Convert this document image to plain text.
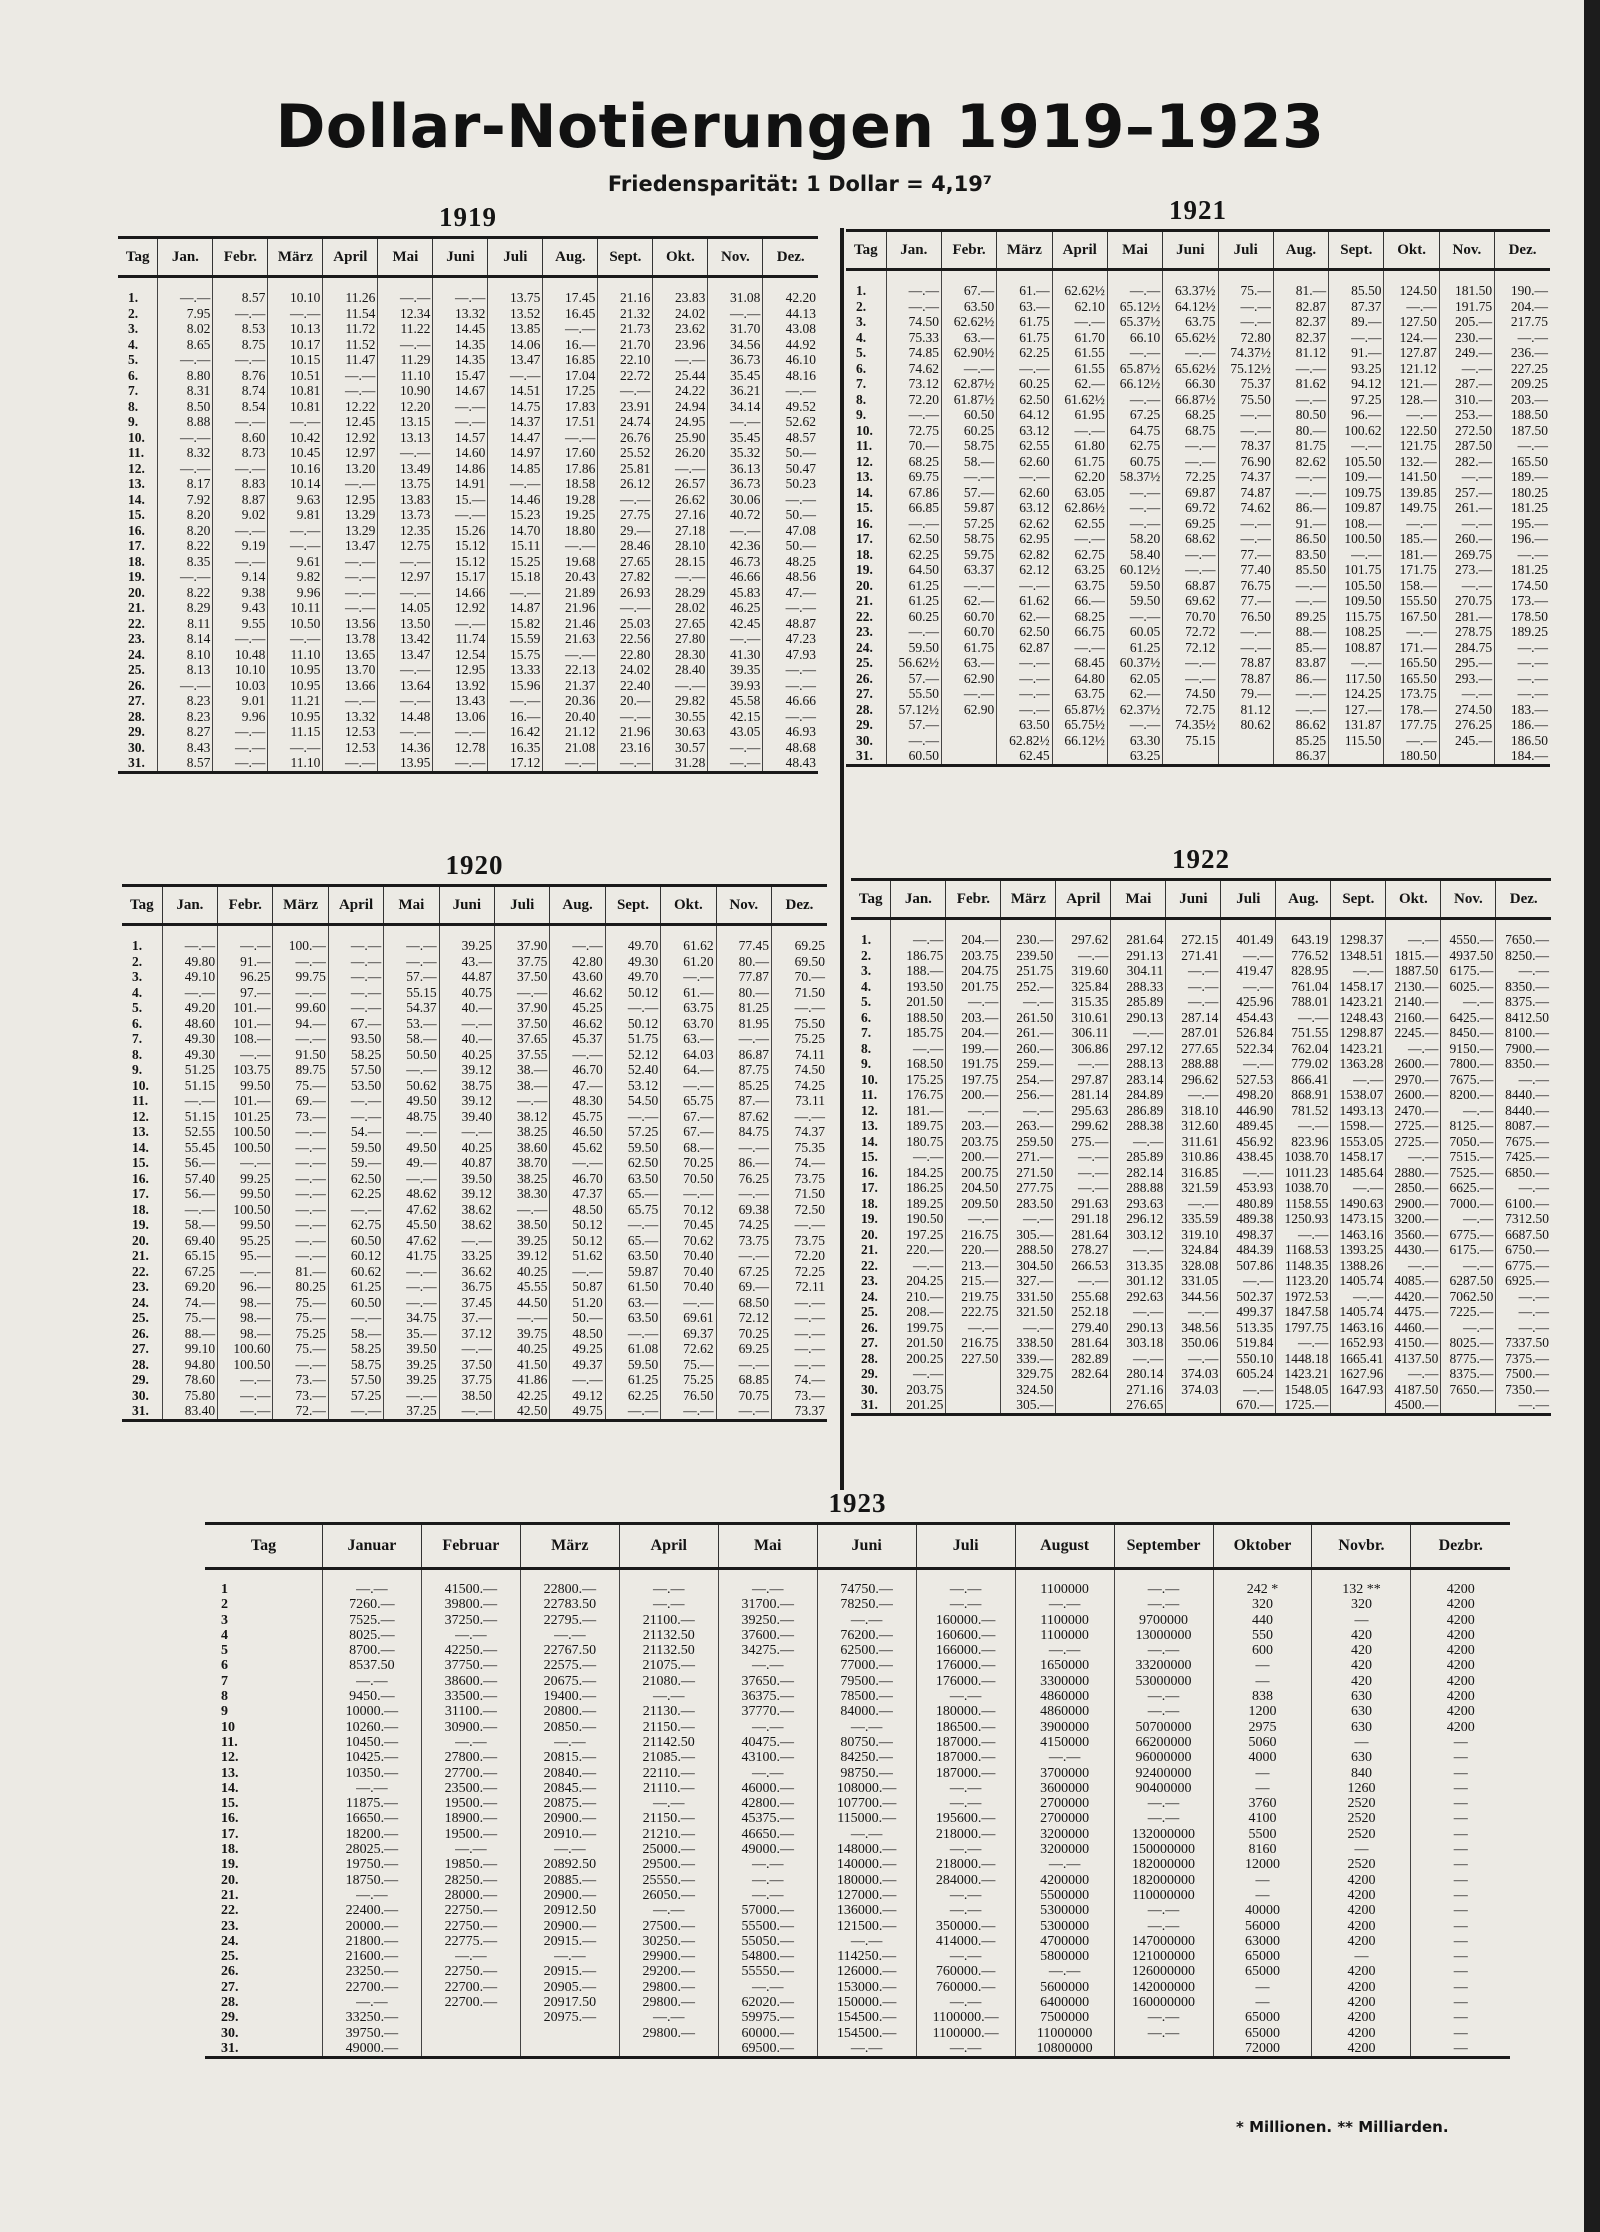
Dollar-Notierungen 1919–1923
Friedensparität: 1 Dollar = 4,19⁷
1919
Tag	Jan.	Febr.	März	April	Mai	Juni	Juli	Aug.	Sept.	Okt.	Nov.	Dez.

1.	—.—	8.57	10.10	11.26	—.—	—.—	13.75	17.45	21.16	23.83	31.08	42.20
2.	7.95	—.—	—.—	11.54	12.34	13.32	13.52	16.45	21.32	24.02	—.—	44.13
3.	8.02	8.53	10.13	11.72	11.22	14.45	13.85	—.—	21.73	23.62	31.70	43.08
4.	8.65	8.75	10.17	11.52	—.—	14.35	14.06	16.—	21.70	23.96	34.56	44.92
5.	—.—	—.—	10.15	11.47	11.29	14.35	13.47	16.85	22.10	—.—	36.73	46.10
6.	8.80	8.76	10.51	—.—	11.10	15.47	—.—	17.04	22.72	25.44	35.45	48.16
7.	8.31	8.74	10.81	—.—	10.90	14.67	14.51	17.25	—.—	24.22	36.21	—.—
8.	8.50	8.54	10.81	12.22	12.20	—.—	14.75	17.83	23.91	24.94	34.14	49.52
9.	8.88	—.—	—.—	12.45	13.15	—.—	14.37	17.51	24.74	24.95	—.—	52.62
10.	—.—	8.60	10.42	12.92	13.13	14.57	14.47	—.—	26.76	25.90	35.45	48.57
11.	8.32	8.73	10.45	12.97	—.—	14.60	14.97	17.60	25.52	26.20	35.32	50.—
12.	—.—	—.—	10.16	13.20	13.49	14.86	14.85	17.86	25.81	—.—	36.13	50.47
13.	8.17	8.83	10.14	—.—	13.75	14.91	—.—	18.58	26.12	26.57	36.73	50.23
14.	7.92	8.87	9.63	12.95	13.83	15.—	14.46	19.28	—.—	26.62	30.06	—.—
15.	8.20	9.02	9.81	13.29	13.73	—.—	15.23	19.25	27.75	27.16	40.72	50.—
16.	8.20	—.—	—.—	13.29	12.35	15.26	14.70	18.80	29.—	27.18	—.—	47.08
17.	8.22	9.19	—.—	13.47	12.75	15.12	15.11	—.—	28.46	28.10	42.36	50.—
18.	8.35	—.—	9.61	—.—	—.—	15.12	15.25	19.68	27.65	28.15	46.73	48.25
19.	—.—	9.14	9.82	—.—	12.97	15.17	15.18	20.43	27.82	—.—	46.66	48.56
20.	8.22	9.38	9.96	—.—	—.—	14.66	—.—	21.89	26.93	28.29	45.83	47.—
21.	8.29	9.43	10.11	—.—	14.05	12.92	14.87	21.96	—.—	28.02	46.25	—.—
22.	8.11	9.55	10.50	13.56	13.50	—.—	15.82	21.46	25.03	27.65	42.45	48.87
23.	8.14	—.—	—.—	13.78	13.42	11.74	15.59	21.63	22.56	27.80	—.—	47.23
24.	8.10	10.48	11.10	13.65	13.47	12.54	15.75	—.—	22.80	28.30	41.30	47.93
25.	8.13	10.10	10.95	13.70	—.—	12.95	13.33	22.13	24.02	28.40	39.35	—.—
26.	—.—	10.03	10.95	13.66	13.64	13.92	15.96	21.37	22.40	—.—	39.93	—.—
27.	8.23	9.01	11.21	—.—	—.—	13.43	—.—	20.36	20.—	29.82	45.58	46.66
28.	8.23	9.96	10.95	13.32	14.48	13.06	16.—	20.40	—.—	30.55	42.15	—.—
29.	8.27	—.—	11.15	12.53	—.—	—.—	16.42	21.12	21.96	30.63	43.05	46.93
30.	8.43	—.—	—.—	12.53	14.36	12.78	16.35	21.08	23.16	30.57	—.—	48.68
31.	8.57	—.—	11.10	—.—	13.95	—.—	17.12	—.—	—.—	31.28	—.—	48.43
1921
Tag	Jan.	Febr.	März	April	Mai	Juni	Juli	Aug.	Sept.	Okt.	Nov.	Dez.

1.	—.—	67.—	61.—	62.62½	—.—	63.37½	75.—	81.—	85.50	124.50	181.50	190.—
2.	—.—	63.50	63.—	62.10	65.12½	64.12½	—.—	82.87	87.37	—.—	191.75	204.—
3.	74.50	62.62½	61.75	—.—	65.37½	63.75	—.—	82.37	89.—	127.50	205.—	217.75
4.	75.33	63.—	61.75	61.70	66.10	65.62½	72.80	82.37	—.—	124.—	230.—	—.—
5.	74.85	62.90½	62.25	61.55	—.—	—.—	74.37½	81.12	91.—	127.87	249.—	236.—
6.	74.62	—.—	—.—	61.55	65.87½	65.62½	75.12½	—.—	93.25	121.12	—.—	227.25
7.	73.12	62.87½	60.25	62.—	66.12½	66.30	75.37	81.62	94.12	121.—	287.—	209.25
8.	72.20	61.87½	62.50	61.62½	—.—	66.87½	75.50	—.—	97.25	128.—	310.—	203.—
9.	—.—	60.50	64.12	61.95	67.25	68.25	—.—	80.50	96.—	—.—	253.—	188.50
10.	72.75	60.25	63.12	—.—	64.75	68.75	—.—	80.—	100.62	122.50	272.50	187.50
11.	70.—	58.75	62.55	61.80	62.75	—.—	78.37	81.75	—.—	121.75	287.50	—.—
12.	68.25	58.—	62.60	61.75	60.75	—.—	76.90	82.62	105.50	132.—	282.—	165.50
13.	69.75	—.—	—.—	62.20	58.37½	72.25	74.37	—.—	109.—	141.50	—.—	189.—
14.	67.86	57.—	62.60	63.05	—.—	69.87	74.87	—.—	109.75	139.85	257.—	180.25
15.	66.85	59.87	63.12	62.86½	—.—	69.72	74.62	86.—	109.87	149.75	261.—	181.25
16.	—.—	57.25	62.62	62.55	—.—	69.25	—.—	91.—	108.—	—.—	—.—	195.—
17.	62.50	58.75	62.95	—.—	58.20	68.62	—.—	86.50	100.50	185.—	260.—	196.—
18.	62.25	59.75	62.82	62.75	58.40	—.—	77.—	83.50	—.—	181.—	269.75	—.—
19.	64.50	63.37	62.12	63.25	60.12½	—.—	77.40	85.50	101.75	171.75	273.—	181.25
20.	61.25	—.—	—.—	63.75	59.50	68.87	76.75	—.—	105.50	158.—	—.—	174.50
21.	61.25	62.—	61.62	66.—	59.50	69.62	77.—	—.—	109.50	155.50	270.75	173.—
22.	60.25	60.70	62.—	68.25	—.—	70.70	76.50	89.25	115.75	167.50	281.—	178.50
23.	—.—	60.70	62.50	66.75	60.05	72.72	—.—	88.—	108.25	—.—	278.75	189.25
24.	59.50	61.75	62.87	—.—	61.25	72.12	—.—	85.—	108.87	171.—	284.75	—.—
25.	56.62½	63.—	—.—	68.45	60.37½	—.—	78.87	83.87	—.—	165.50	295.—	—.—
26.	57.—	62.90	—.—	64.80	62.05	—.—	78.87	86.—	117.50	165.50	293.—	—.—
27.	55.50	—.—	—.—	63.75	62.—	74.50	79.—	—.—	124.25	173.75	—.—	—.—
28.	57.12½	62.90	—.—	65.87½	62.37½	72.75	81.12	—.—	127.—	178.—	274.50	183.—
29.	57.—		63.50	65.75½	—.—	74.35½	80.62	86.62	131.87	177.75	276.25	186.—
30.	—.—		62.82½	66.12½	63.30	75.15		85.25	115.50	—.—	245.—	186.50
31.	60.50		62.45		63.25			86.37		180.50		184.—
1920
Tag	Jan.	Febr.	März	April	Mai	Juni	Juli	Aug.	Sept.	Okt.	Nov.	Dez.

1.	—.—	—.—	100.—	—.—	—.—	39.25	37.90	—.—	49.70	61.62	77.45	69.25
2.	49.80	91.—	—.—	—.—	—.—	43.—	37.75	42.80	49.30	61.20	80.—	69.50
3.	49.10	96.25	99.75	—.—	57.—	44.87	37.50	43.60	49.70	—.—	77.87	70.—
4.	—.—	97.—	—.—	—.—	55.15	40.75	—.—	46.62	50.12	61.—	80.—	71.50
5.	49.20	101.—	99.60	—.—	54.37	40.—	37.90	45.25	—.—	63.75	81.25	—.—
6.	48.60	101.—	94.—	67.—	53.—	—.—	37.50	46.62	50.12	63.70	81.95	75.50
7.	49.30	108.—	—.—	93.50	58.—	40.—	37.65	45.37	51.75	63.—	—.—	75.25
8.	49.30	—.—	91.50	58.25	50.50	40.25	37.55	—.—	52.12	64.03	86.87	74.11
9.	51.25	103.75	89.75	57.50	—.—	39.12	38.—	46.70	52.40	64.—	87.75	74.50
10.	51.15	99.50	75.—	53.50	50.62	38.75	38.—	47.—	53.12	—.—	85.25	74.25
11.	—.—	101.—	69.—	—.—	49.50	39.12	—.—	48.30	54.50	65.75	87.—	73.11
12.	51.15	101.25	73.—	—.—	48.75	39.40	38.12	45.75	—.—	67.—	87.62	—.—
13.	52.55	100.50	—.—	54.—	—.—	—.—	38.25	46.50	57.25	67.—	84.75	74.37
14.	55.45	100.50	—.—	59.50	49.50	40.25	38.60	45.62	59.50	68.—	—.—	75.35
15.	56.—	—.—	—.—	59.—	49.—	40.87	38.70	—.—	62.50	70.25	86.—	74.—
16.	57.40	99.25	—.—	62.50	—.—	39.50	38.25	46.70	63.50	70.50	76.25	73.75
17.	56.—	99.50	—.—	62.25	48.62	39.12	38.30	47.37	65.—	—.—	—.—	71.50
18.	—.—	100.50	—.—	—.—	47.62	38.62	—.—	48.50	65.75	70.12	69.38	72.50
19.	58.—	99.50	—.—	62.75	45.50	38.62	38.50	50.12	—.—	70.45	74.25	—.—
20.	69.40	95.25	—.—	60.50	47.62	—.—	39.25	50.12	65.—	70.62	73.75	73.75
21.	65.15	95.—	—.—	60.12	41.75	33.25	39.12	51.62	63.50	70.40	—.—	72.20
22.	67.25	—.—	81.—	60.62	—.—	36.62	40.25	—.—	59.87	70.40	67.25	72.25
23.	69.20	96.—	80.25	61.25	—.—	36.75	45.55	50.87	61.50	70.40	69.—	72.11
24.	74.—	98.—	75.—	60.50	—.—	37.45	44.50	51.20	63.—	—.—	68.50	—.—
25.	75.—	98.—	75.—	—.—	34.75	37.—	—.—	50.—	63.50	69.61	72.12	—.—
26.	88.—	98.—	75.25	58.—	35.—	37.12	39.75	48.50	—.—	69.37	70.25	—.—
27.	99.10	100.60	75.—	58.25	39.50	—.—	40.25	49.25	61.08	72.62	69.25	—.—
28.	94.80	100.50	—.—	58.75	39.25	37.50	41.50	49.37	59.50	75.—	—.—	—.—
29.	78.60	—.—	73.—	57.50	39.25	37.75	41.86	—.—	61.25	75.25	68.85	74.—
30.	75.80	—.—	73.—	57.25	—.—	38.50	42.25	49.12	62.25	76.50	70.75	73.—
31.	83.40	—.—	72.—	—.—	37.25	—.—	42.50	49.75	—.—	—.—	—.—	73.37
1922
Tag	Jan.	Febr.	März	April	Mai	Juni	Juli	Aug.	Sept.	Okt.	Nov.	Dez.

1.	—.—	204.—	230.—	297.62	281.64	272.15	401.49	643.19	1298.37	—.—	4550.—	7650.—
2.	186.75	203.75	239.50	—.—	291.13	271.41	—.—	776.52	1348.51	1815.—	4937.50	8250.—
3.	188.—	204.75	251.75	319.60	304.11	—.—	419.47	828.95	—.—	1887.50	6175.—	—.—
4.	193.50	201.75	252.—	325.84	288.33	—.—	—.—	761.04	1458.17	2130.—	6025.—	8350.—
5.	201.50	—.—	—.—	315.35	285.89	—.—	425.96	788.01	1423.21	2140.—	—.—	8375.—
6.	188.50	203.—	261.50	310.61	290.13	287.14	454.43	—.—	1248.43	2160.—	6425.—	8412.50
7.	185.75	204.—	261.—	306.11	—.—	287.01	526.84	751.55	1298.87	2245.—	8450.—	8100.—
8.	—.—	199.—	260.—	306.86	297.12	277.65	522.34	762.04	1423.21	—.—	9150.—	7900.—
9.	168.50	191.75	259.—	—.—	288.13	288.88	—.—	779.02	1363.28	2600.—	7800.—	8350.—
10.	175.25	197.75	254.—	297.87	283.14	296.62	527.53	866.41	—.—	2970.—	7675.—	—.—
11.	176.75	200.—	256.—	281.14	284.89	—.—	498.20	868.91	1538.07	2600.—	8200.—	8440.—
12.	181.—	—.—	—.—	295.63	286.89	318.10	446.90	781.52	1493.13	2470.—	—.—	8440.—
13.	189.75	203.—	263.—	299.62	288.38	312.60	489.45	—.—	1598.—	2725.—	8125.—	8087.—
14.	180.75	203.75	259.50	275.—	—.—	311.61	456.92	823.96	1553.05	2725.—	7050.—	7675.—
15.	—.—	200.—	271.—	—.—	285.89	310.86	438.45	1038.70	1458.17	—.—	7515.—	7425.—
16.	184.25	200.75	271.50	—.—	282.14	316.85	—.—	1011.23	1485.64	2880.—	7525.—	6850.—
17.	186.25	204.50	277.75	—.—	288.88	321.59	453.93	1038.70	—.—	2850.—	6625.—	—.—
18.	189.25	209.50	283.50	291.63	293.63	—.—	480.89	1158.55	1490.63	2900.—	7000.—	6100.—
19.	190.50	—.—	—.—	291.18	296.12	335.59	489.38	1250.93	1473.15	3200.—	—.—	7312.50
20.	197.25	216.75	305.—	281.64	303.12	319.10	498.37	—.—	1463.16	3560.—	6775.—	6687.50
21.	220.—	220.—	288.50	278.27	—.—	324.84	484.39	1168.53	1393.25	4430.—	6175.—	6750.—
22.	—.—	213.—	304.50	266.53	313.35	328.08	507.86	1148.35	1388.26	—.—	—.—	6775.—
23.	204.25	215.—	327.—	—.—	301.12	331.05	—.—	1123.20	1405.74	4085.—	6287.50	6925.—
24.	210.—	219.75	331.50	255.68	292.63	344.56	502.37	1972.53	—.—	4420.—	7062.50	—.—
25.	208.—	222.75	321.50	252.18	—.—	—.—	499.37	1847.58	1405.74	4475.—	7225.—	—.—
26.	199.75	—.—	—.—	279.40	290.13	348.56	513.35	1797.75	1463.16	4460.—	—.—	—.—
27.	201.50	216.75	338.50	281.64	303.18	350.06	519.84	—.—	1652.93	4150.—	8025.—	7337.50
28.	200.25	227.50	339.—	282.89	—.—	—.—	550.10	1448.18	1665.41	4137.50	8775.—	7375.—
29.	—.—		329.75	282.64	280.14	374.03	605.24	1423.21	1627.96	—.—	8375.—	7500.—
30.	203.75		324.50		271.16	374.03	—.—	1548.05	1647.93	4187.50	7650.—	7350.—
31.	201.25		305.—		276.65		670.—	1725.—		4500.—		—.—
1923
Tag	Januar	Februar	März	April	Mai	Juni	Juli	August	September	Oktober	Novbr.	Dezbr.

1	—.—	41500.—	22800.—	—.—	—.—	74750.—	—.—	1100000	—.—	242 *	132 **	4200
2	7260.—	39800.—	22783.50	—.—	31700.—	78250.—	—.—	—.—	—.—	320	320	4200
3	7525.—	37250.—	22795.—	21100.—	39250.—	—.—	160000.—	1100000	9700000	440	—	4200
4	8025.—	—.—	—.—	21132.50	37600.—	76200.—	160600.—	1100000	13000000	550	420	4200
5	8700.—	42250.—	22767.50	21132.50	34275.—	62500.—	166000.—	—.—	—.—	600	420	4200
6	8537.50	37750.—	22575.—	21075.—	—.—	77000.—	176000.—	1650000	33200000	—	420	4200
7	—.—	38600.—	20675.—	21080.—	37650.—	79500.—	176000.—	3300000	53000000	—	420	4200
8	9450.—	33500.—	19400.—	—.—	36375.—	78500.—	—.—	4860000	—.—	838	630	4200
9	10000.—	31100.—	20800.—	21130.—	37770.—	84000.—	180000.—	4860000	—.—	1200	630	4200
10	10260.—	30900.—	20850.—	21150.—	—.—	—.—	186500.—	3900000	50700000	2975	630	4200
11.	10450.—	—.—	—.—	21142.50	40475.—	80750.—	187000.—	4150000	66200000	5060	—	—
12.	10425.—	27800.—	20815.—	21085.—	43100.—	84250.—	187000.—	—.—	96000000	4000	630	—
13.	10350.—	27700.—	20840.—	22110.—	—.—	98750.—	187000.—	3700000	92400000	—	840	—
14.	—.—	23500.—	20845.—	21110.—	46000.—	108000.—	—.—	3600000	90400000	—	1260	—
15.	11875.—	19500.—	20875.—	—.—	42800.—	107700.—	—.—	2700000	—.—	3760	2520	—
16.	16650.—	18900.—	20900.—	21150.—	45375.—	115000.—	195600.—	2700000	—.—	4100	2520	—
17.	18200.—	19500.—	20910.—	21210.—	46650.—	—.—	218000.—	3200000	132000000	5500	2520	—
18.	28025.—	—.—	—.—	25000.—	49000.—	148000.—	—.—	3200000	150000000	8160	—	—
19.	19750.—	19850.—	20892.50	29500.—	—.—	140000.—	218000.—	—.—	182000000	12000	2520	—
20.	18750.—	28250.—	20885.—	25550.—	—.—	180000.—	284000.—	4200000	182000000	—	4200	—
21.	—.—	28000.—	20900.—	26050.—	—.—	127000.—	—.—	5500000	110000000	—	4200	—
22.	22400.—	22750.—	20912.50	—.—	57000.—	136000.—	—.—	5300000	—.—	40000	4200	—
23.	20000.—	22750.—	20900.—	27500.—	55500.—	121500.—	350000.—	5300000	—.—	56000	4200	—
24.	21800.—	22775.—	20915.—	30250.—	55050.—	—.—	414000.—	4700000	147000000	63000	4200	—
25.	21600.—	—.—	—.—	29900.—	54800.—	114250.—	—.—	5800000	121000000	65000	—	—
26.	23250.—	22750.—	20915.—	29200.—	55550.—	126000.—	760000.—	—.—	126000000	65000	4200	—
27.	22700.—	22700.—	20905.—	29800.—	—.—	153000.—	760000.—	5600000	142000000	—	4200	—
28.	—.—	22700.—	20917.50	29800.—	62020.—	150000.—	—.—	6400000	160000000	—	4200	—
29.	33250.—		20975.—	—.—	59975.—	154500.—	1100000.—	7500000	—.—	65000	4200	—
30.	39750.—			29800.—	60000.—	154500.—	1100000.—	11000000	—.—	65000	4200	—
31.	49000.—				69500.—	—.—	—.—	10800000		72000	4200	—
* Millionen. ** Milliarden.
